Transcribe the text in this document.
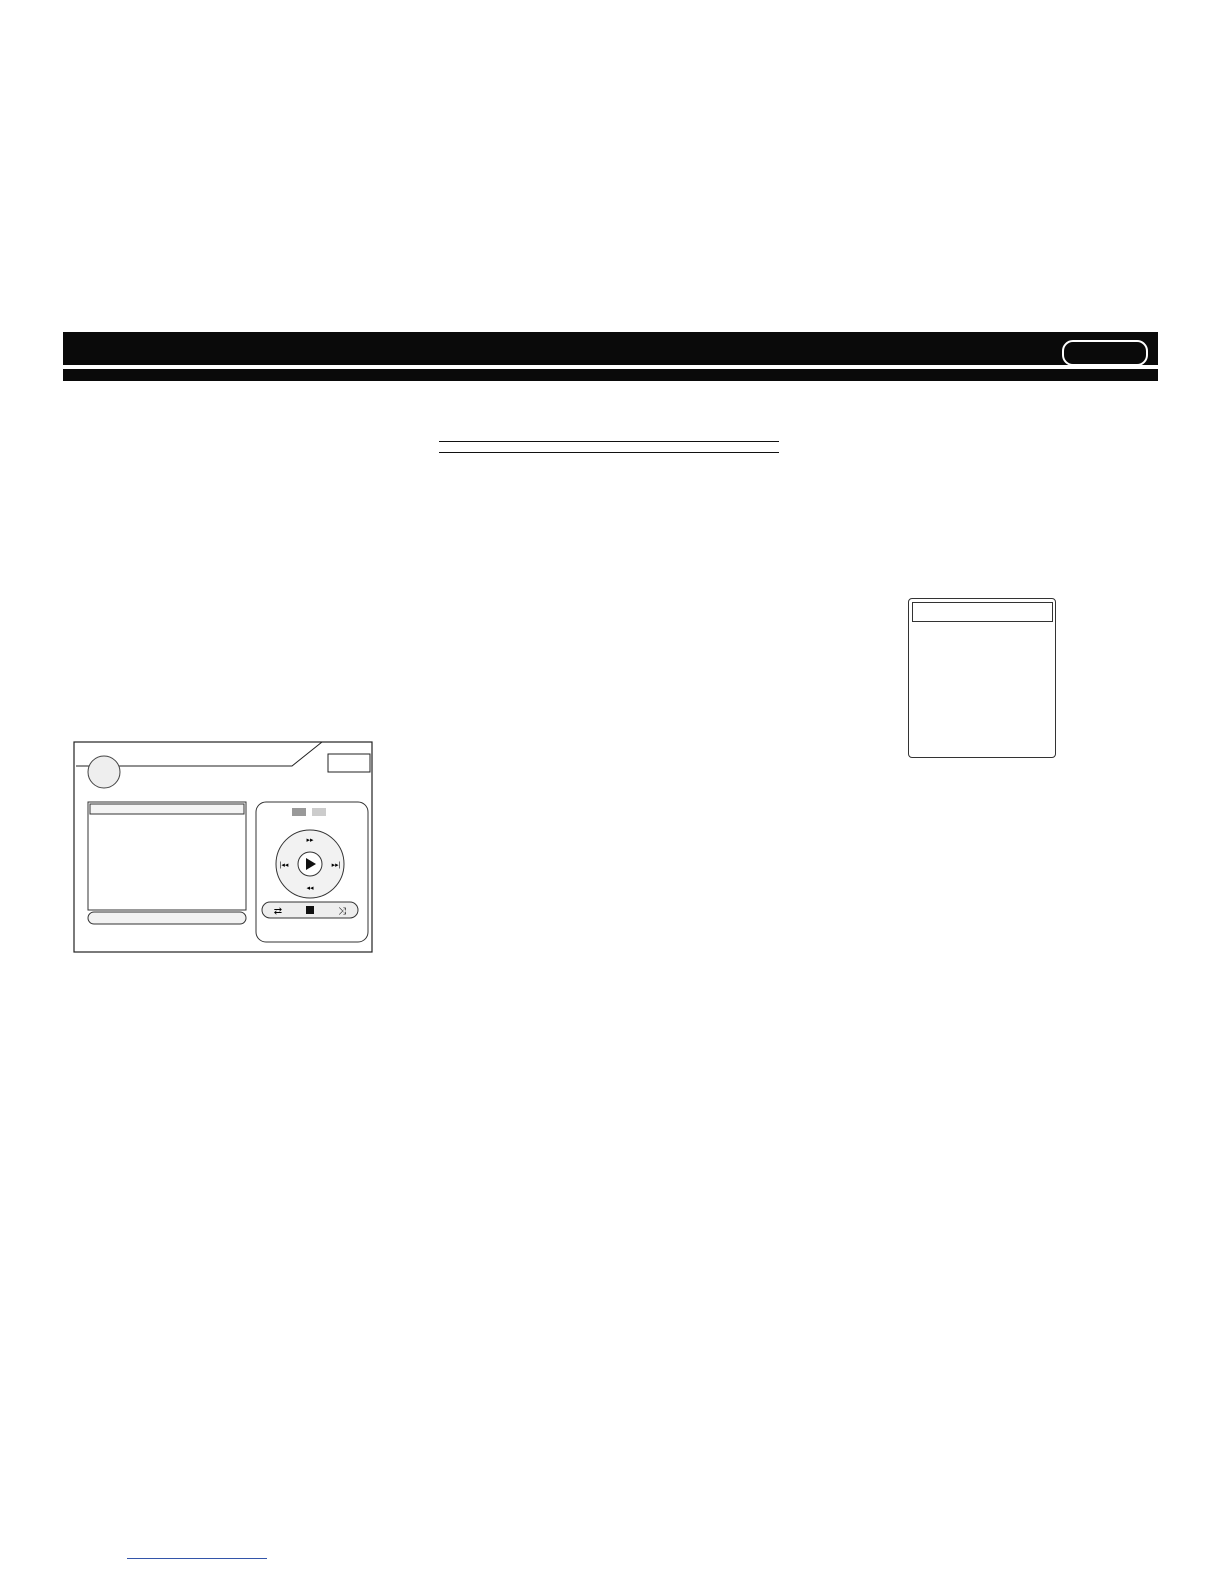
▸▸
◂◂
|◂◂	▸▸|
⇄	⤨
